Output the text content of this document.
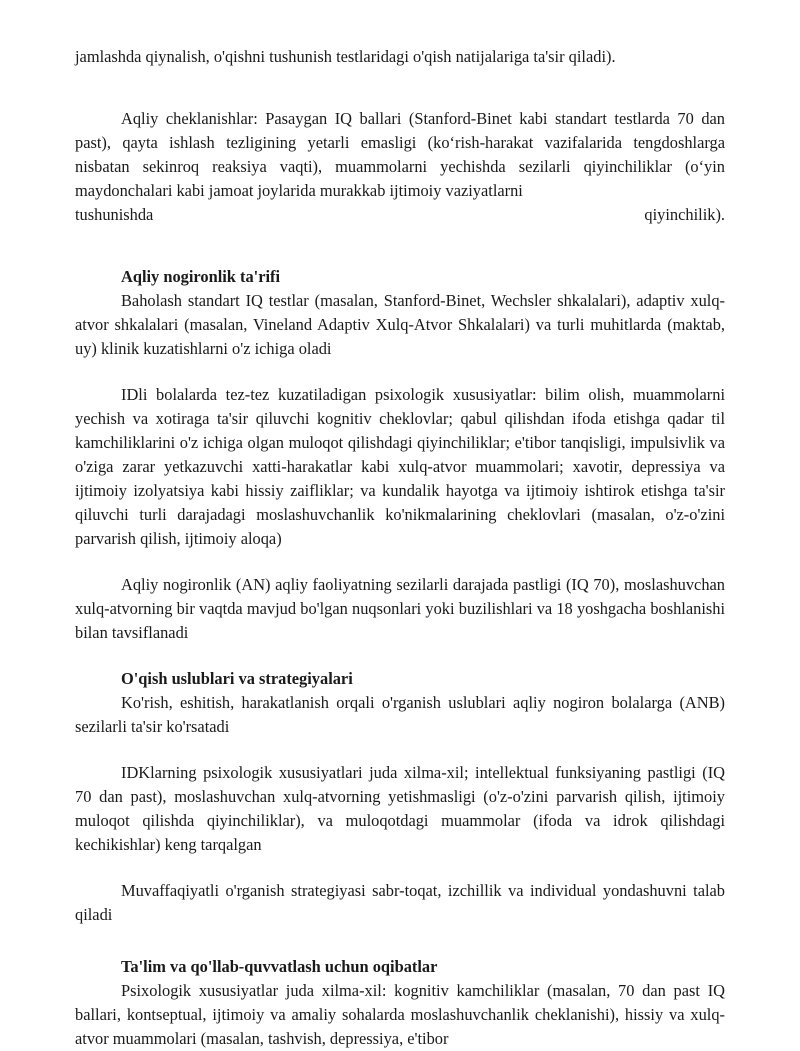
jamlashda qiynalish, o'qishni tushunish testlaridagi o'qish natijalariga ta'sir qiladi).

Aqliy cheklanishlar: Pasaygan IQ ballari (Stanford-Binet kabi standart testlarda 70 dan past), qayta ishlash tezligining yetarli emasligi (ko‘rish-harakat vazifalarida tengdoshlarga nisbatan sekinroq reaksiya vaqti), muammolarni yechishda sezilarli qiyinchiliklar (o‘yin maydonchalari kabi jamoat joylarida murakkab ijtimoiy vaziyatlarni

tushunishda	qiyinchilik).
Aqliy nogironlik ta'rifi

Baholash standart IQ testlar (masalan, Stanford-Binet, Wechsler shkalalari), adaptiv xulq-atvor shkalalari (masalan, Vineland Adaptiv Xulq-Atvor Shkalalari) va turli muhitlarda (maktab, uy) klinik kuzatishlarni o'z ichiga oladi

IDli bolalarda tez-tez kuzatiladigan psixologik xususiyatlar: bilim olish, muammolarni yechish va xotiraga ta'sir qiluvchi kognitiv cheklovlar; qabul qilishdan ifoda etishga qadar til kamchiliklarini o'z ichiga olgan muloqot qilishdagi qiyinchiliklar; e'tibor tanqisligi, impulsivlik va o'ziga zarar yetkazuvchi xatti-harakatlar kabi xulq-atvor muammolari; xavotir, depressiya va ijtimoiy izolyatsiya kabi hissiy zaifliklar; va kundalik hayotga va ijtimoiy ishtirok etishga ta'sir qiluvchi turli darajadagi moslashuvchanlik ko'nikmalarining cheklovlari (masalan, o'z-o'zini parvarish qilish, ijtimoiy aloqa)

Aqliy nogironlik (AN) aqliy faoliyatning sezilarli darajada pastligi (IQ 70), moslashuvchan xulq-atvorning bir vaqtda mavjud bo'lgan nuqsonlari yoki buzilishlari va 18 yoshgacha boshlanishi bilan tavsiflanadi

O'qish uslublari va strategiyalari

Ko'rish, eshitish, harakatlanish orqali o'rganish uslublari aqliy nogiron bolalarga (ANB) sezilarli ta'sir ko'rsatadi

IDKlarning psixologik xususiyatlari juda xilma-xil; intellektual funksiyaning pastligi (IQ 70 dan past), moslashuvchan xulq-atvorning yetishmasligi (o'z-o'zini parvarish qilish, ijtimoiy muloqot qilishda qiyinchiliklar), va muloqotdagi muammolar (ifoda va idrok qilishdagi kechikishlar) keng tarqalgan

Muvaffaqiyatli o'rganish strategiyasi sabr-toqat, izchillik va individual yondashuvni talab qiladi

Ta'lim va qo'llab-quvvatlash uchun oqibatlar

Psixologik xususiyatlar juda xilma-xil: kognitiv kamchiliklar (masalan, 70 dan past IQ ballari, kontseptual, ijtimoiy va amaliy sohalarda moslashuvchanlik cheklanishi), hissiy va xulq-atvor muammolari (masalan, tashvish, depressiya, e'tibor
